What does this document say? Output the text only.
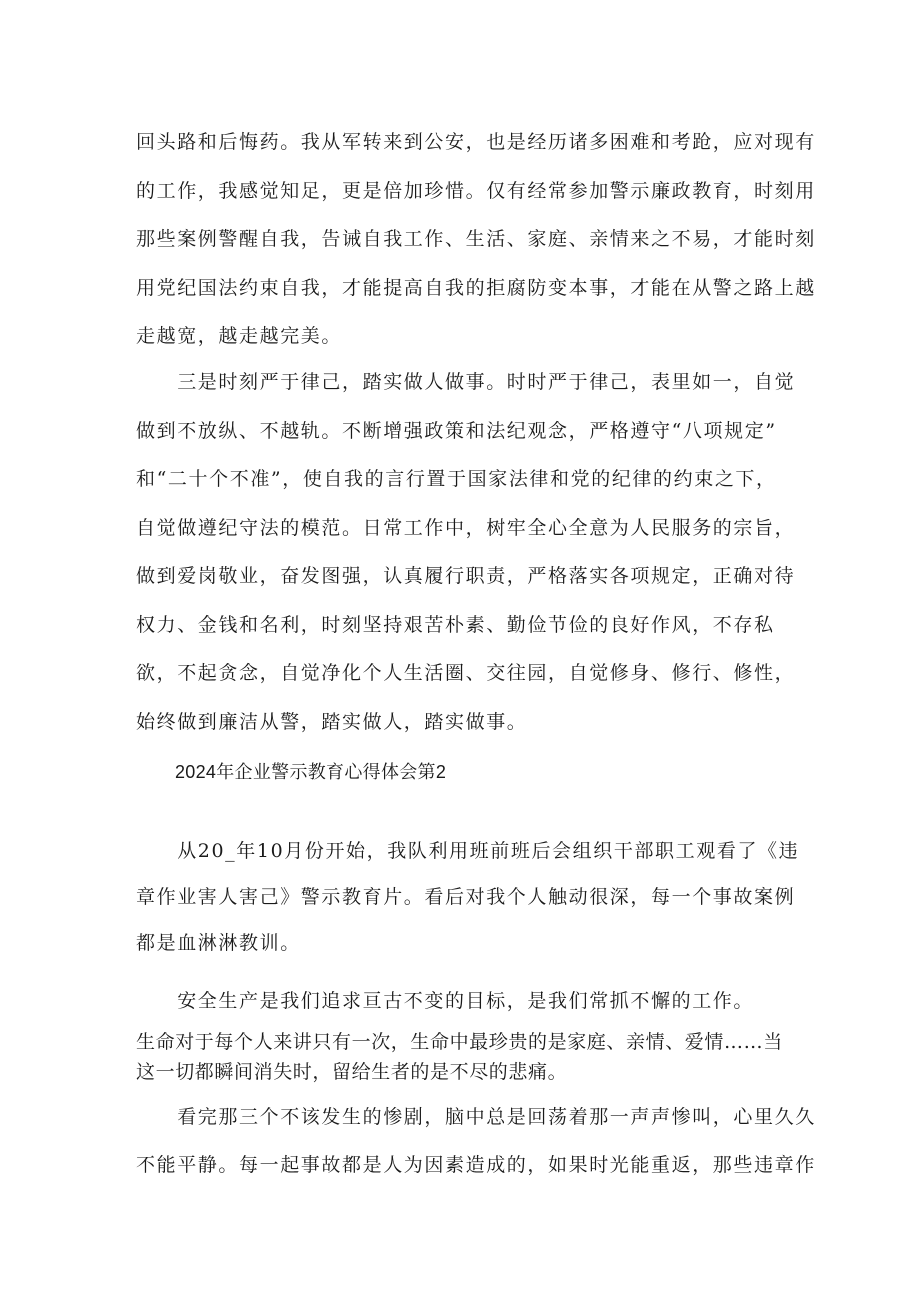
回头路和后悔药。我从军转来到公安，也是经历诸多困难和考跄，应对现有
的工作，我感觉知足，更是倍加珍惜。仅有经常参加警示廉政教育，时刻用
那些案例警醒自我，告诫自我工作、生活、家庭、亲情来之不易，才能时刻
用党纪国法约束自我，才能提高自我的拒腐防变本事，才能在从警之路上越
走越宽，越走越完美。
　　三是时刻严于律己，踏实做人做事。时时严于律己，表里如一，自觉
做到不放纵、不越轨。不断增强政策和法纪观念，严格遵守“八项规定”
和“二十个不准”，使自我的言行置于国家法律和党的纪律的约束之下，
自觉做遵纪守法的模范。日常工作中，树牢全心全意为人民服务的宗旨，
做到爱岗敬业，奋发图强，认真履行职责，严格落实各项规定，正确对待
权力、金钱和名利，时刻坚持艰苦朴素、勤俭节俭的良好作风，不存私
欲，不起贪念，自觉净化个人生活圈、交往园，自觉修身、修行、修性，
始终做到廉洁从警，踏实做人，踏实做事。
2024年企业警示教育心得体会第2
　　从20_年10月份开始，我队利用班前班后会组织干部职工观看了《违
章作业害人害己》警示教育片。看后对我个人触动很深，每一个事故案例
都是血淋淋教训。
　　安全生产是我们追求亘古不变的目标，是我们常抓不懈的工作。
生命对于每个人来讲只有一次，生命中最珍贵的是家庭、亲情、爱情……当
这一切都瞬间消失时，留给生者的是不尽的悲痛。
　　看完那三个不该发生的惨剧，脑中总是回荡着那一声声惨叫，心里久久
不能平静。每一起事故都是人为因素造成的，如果时光能重返，那些违章作
